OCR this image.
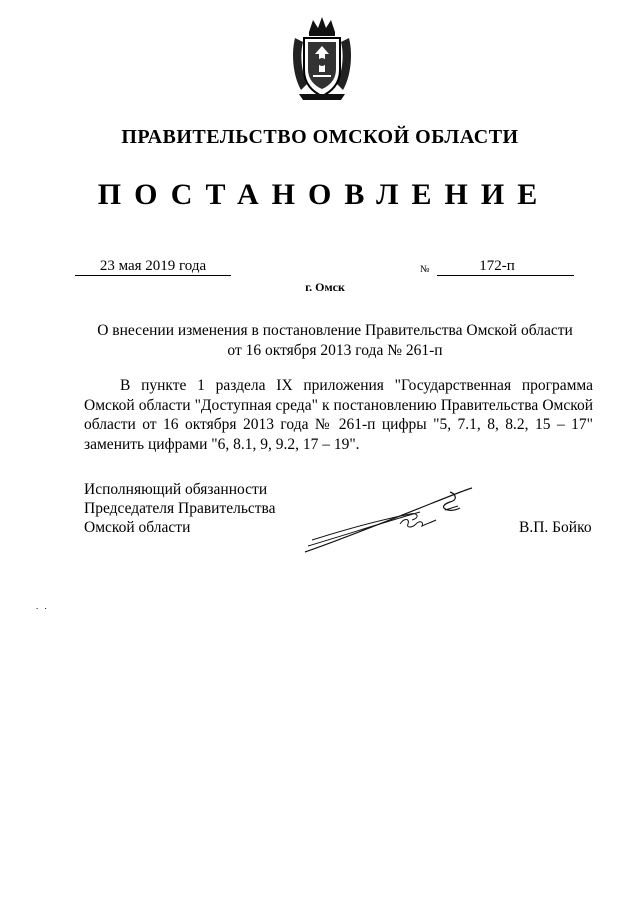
ПРАВИТЕЛЬСТВО ОМСКОЙ ОБЛАСТИ
ПОСТАНОВЛЕНИЕ
23 мая 2019 года	№	172-п
г. Омск
О внесении изменения в постановление Правительства Омской области
от 16 октября 2013 года № 261-п
В пункте 1 раздела IX приложения "Государственная программа Омской области "Доступная среда" к постановлению Правительства Омской области от 16 октября 2013 года № 261-п цифры "5, 7.1, 8, 8.2, 15 – 17" заменить цифрами "6, 8.1, 9, 9.2, 17 – 19".
Исполняющий обязанности
Председателя Правительства
Омской области	В.П. Бойко
. .
